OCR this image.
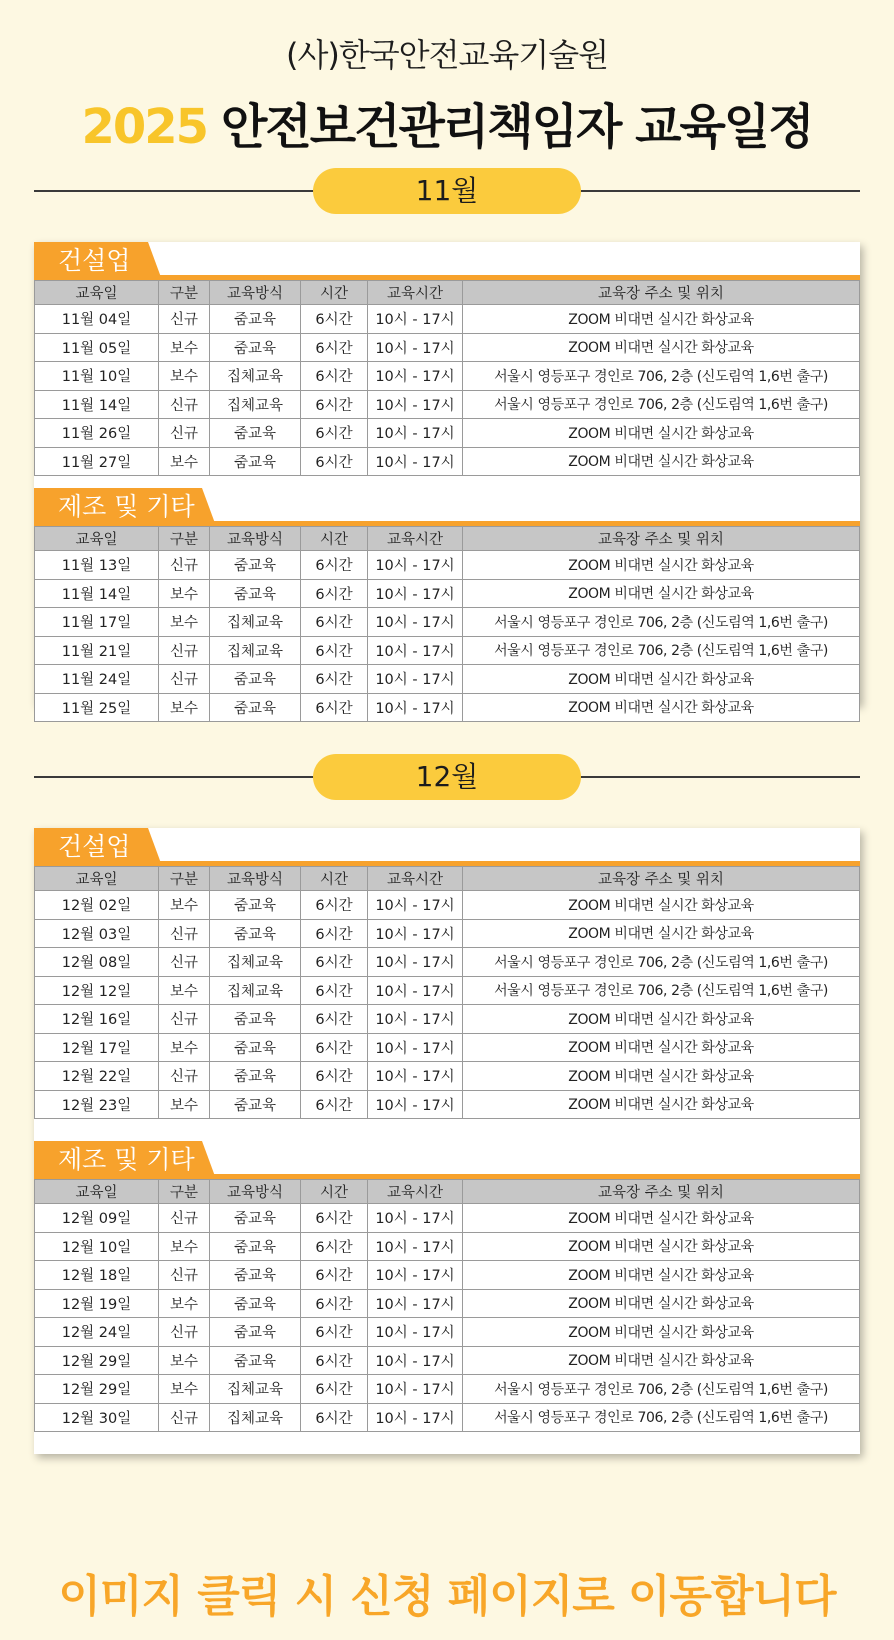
(사)한국안전교육기술원
2025 안전보건관리책임자 교육일정
11월
건설업
교육일	구분	교육방식	시간	교육시간	교육장 주소 및 위치
11월 04일	신규	줌교육	6시간	10시 - 17시	ZOOM 비대면 실시간 화상교육
11월 05일	보수	줌교육	6시간	10시 - 17시	ZOOM 비대면 실시간 화상교육
11월 10일	보수	집체교육	6시간	10시 - 17시	서울시 영등포구 경인로 706, 2층 (신도림역 1,6번 출구)
11월 14일	신규	집체교육	6시간	10시 - 17시	서울시 영등포구 경인로 706, 2층 (신도림역 1,6번 출구)
11월 26일	신규	줌교육	6시간	10시 - 17시	ZOOM 비대면 실시간 화상교육
11월 27일	보수	줌교육	6시간	10시 - 17시	ZOOM 비대면 실시간 화상교육
제조 및 기타
교육일	구분	교육방식	시간	교육시간	교육장 주소 및 위치
11월 13일	신규	줌교육	6시간	10시 - 17시	ZOOM 비대면 실시간 화상교육
11월 14일	보수	줌교육	6시간	10시 - 17시	ZOOM 비대면 실시간 화상교육
11월 17일	보수	집체교육	6시간	10시 - 17시	서울시 영등포구 경인로 706, 2층 (신도림역 1,6번 출구)
11월 21일	신규	집체교육	6시간	10시 - 17시	서울시 영등포구 경인로 706, 2층 (신도림역 1,6번 출구)
11월 24일	신규	줌교육	6시간	10시 - 17시	ZOOM 비대면 실시간 화상교육
11월 25일	보수	줌교육	6시간	10시 - 17시	ZOOM 비대면 실시간 화상교육
12월
건설업
교육일	구분	교육방식	시간	교육시간	교육장 주소 및 위치
12월 02일	보수	줌교육	6시간	10시 - 17시	ZOOM 비대면 실시간 화상교육
12월 03일	신규	줌교육	6시간	10시 - 17시	ZOOM 비대면 실시간 화상교육
12월 08일	신규	집체교육	6시간	10시 - 17시	서울시 영등포구 경인로 706, 2층 (신도림역 1,6번 출구)
12월 12일	보수	집체교육	6시간	10시 - 17시	서울시 영등포구 경인로 706, 2층 (신도림역 1,6번 출구)
12월 16일	신규	줌교육	6시간	10시 - 17시	ZOOM 비대면 실시간 화상교육
12월 17일	보수	줌교육	6시간	10시 - 17시	ZOOM 비대면 실시간 화상교육
12월 22일	신규	줌교육	6시간	10시 - 17시	ZOOM 비대면 실시간 화상교육
12월 23일	보수	줌교육	6시간	10시 - 17시	ZOOM 비대면 실시간 화상교육
제조 및 기타
교육일	구분	교육방식	시간	교육시간	교육장 주소 및 위치
12월 09일	신규	줌교육	6시간	10시 - 17시	ZOOM 비대면 실시간 화상교육
12월 10일	보수	줌교육	6시간	10시 - 17시	ZOOM 비대면 실시간 화상교육
12월 18일	신규	줌교육	6시간	10시 - 17시	ZOOM 비대면 실시간 화상교육
12월 19일	보수	줌교육	6시간	10시 - 17시	ZOOM 비대면 실시간 화상교육
12월 24일	신규	줌교육	6시간	10시 - 17시	ZOOM 비대면 실시간 화상교육
12월 29일	보수	줌교육	6시간	10시 - 17시	ZOOM 비대면 실시간 화상교육
12월 29일	보수	집체교육	6시간	10시 - 17시	서울시 영등포구 경인로 706, 2층 (신도림역 1,6번 출구)
12월 30일	신규	집체교육	6시간	10시 - 17시	서울시 영등포구 경인로 706, 2층 (신도림역 1,6번 출구)
이미지 클릭 시 신청 페이지로 이동합니다
